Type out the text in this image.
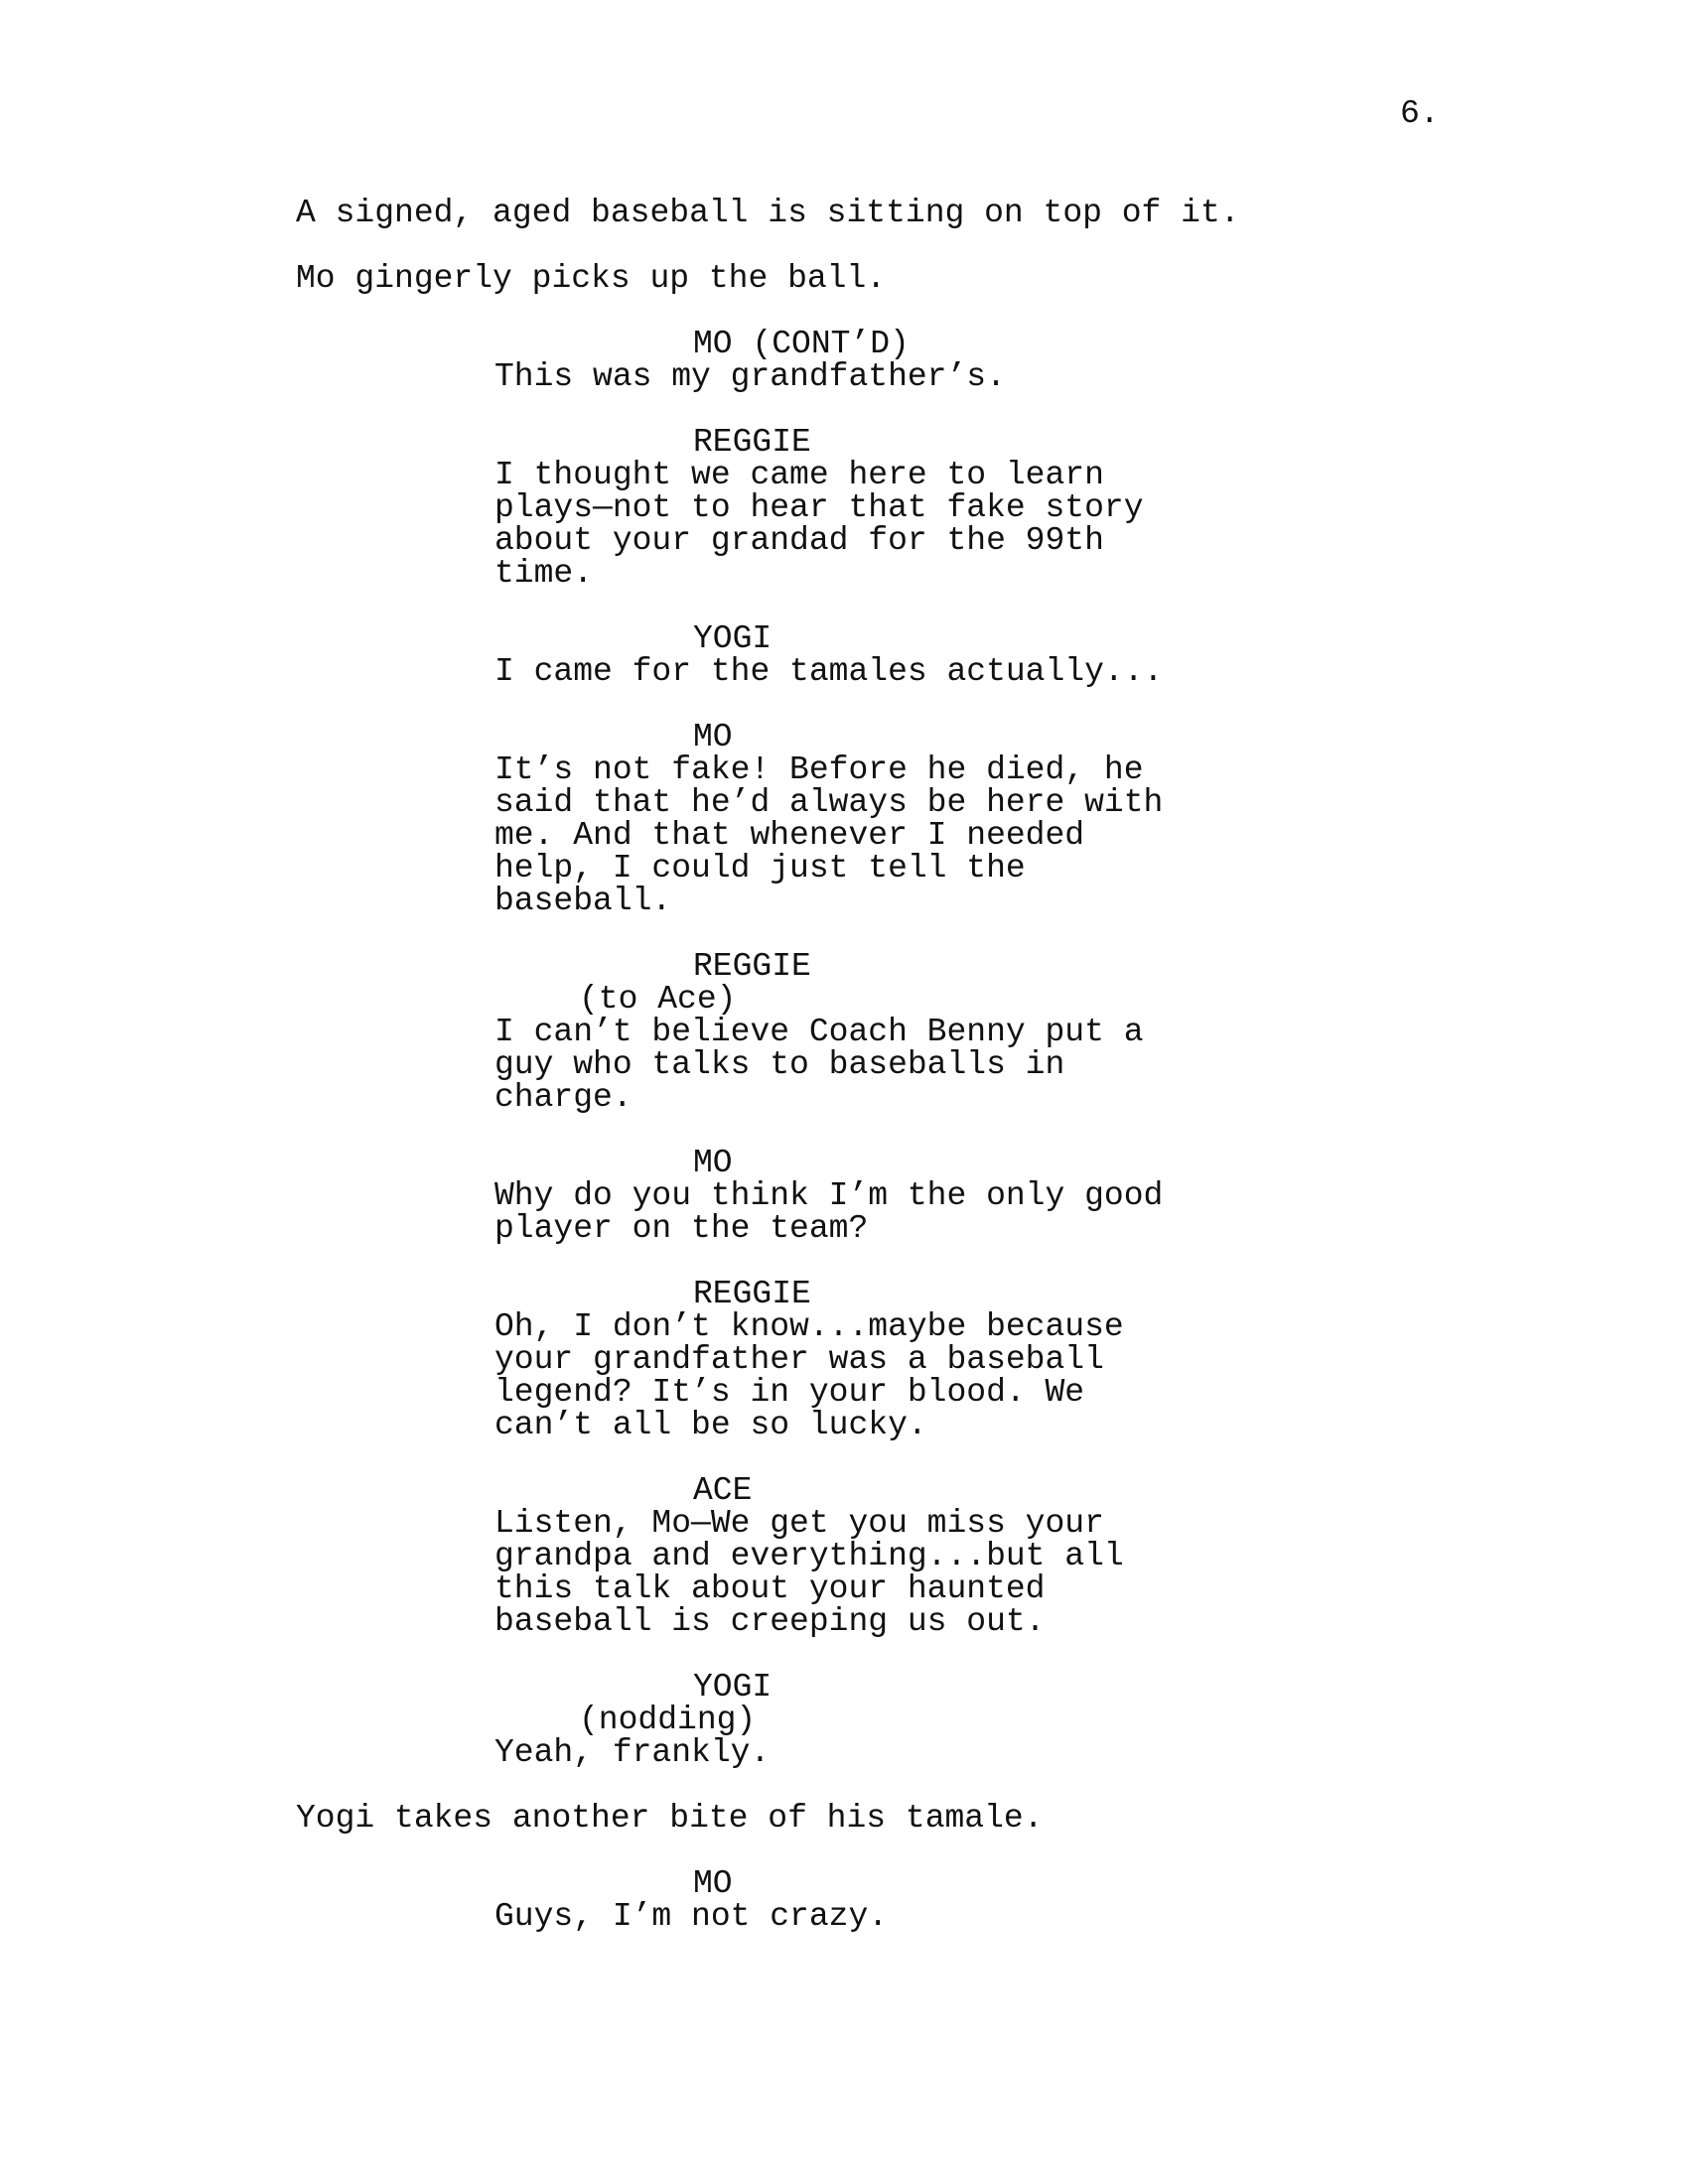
6.

A signed, aged baseball is sitting on top of it.

Mo gingerly picks up the ball.

MO (CONT’D)
This was my grandfather’s.
REGGIE
I thought we came here to learn
plays—not to hear that fake story
about your grandad for the 99th
time.
YOGI
I came for the tamales actually...
MO
It’s not fake! Before he died, he
said that he’d always be here with
me. And that whenever I needed
help, I could just tell the
baseball.
REGGIE
(to Ace)
I can’t believe Coach Benny put a
guy who talks to baseballs in
charge.
MO
Why do you think I’m the only good
player on the team?
REGGIE
Oh, I don’t know...maybe because
your grandfather was a baseball
legend? It’s in your blood. We
can’t all be so lucky.
ACE
Listen, Mo—We get you miss your
grandpa and everything...but all
this talk about your haunted
baseball is creeping us out.
YOGI
(nodding)
Yeah, frankly.

Yogi takes another bite of his tamale.

MO
Guys, I’m not crazy.
